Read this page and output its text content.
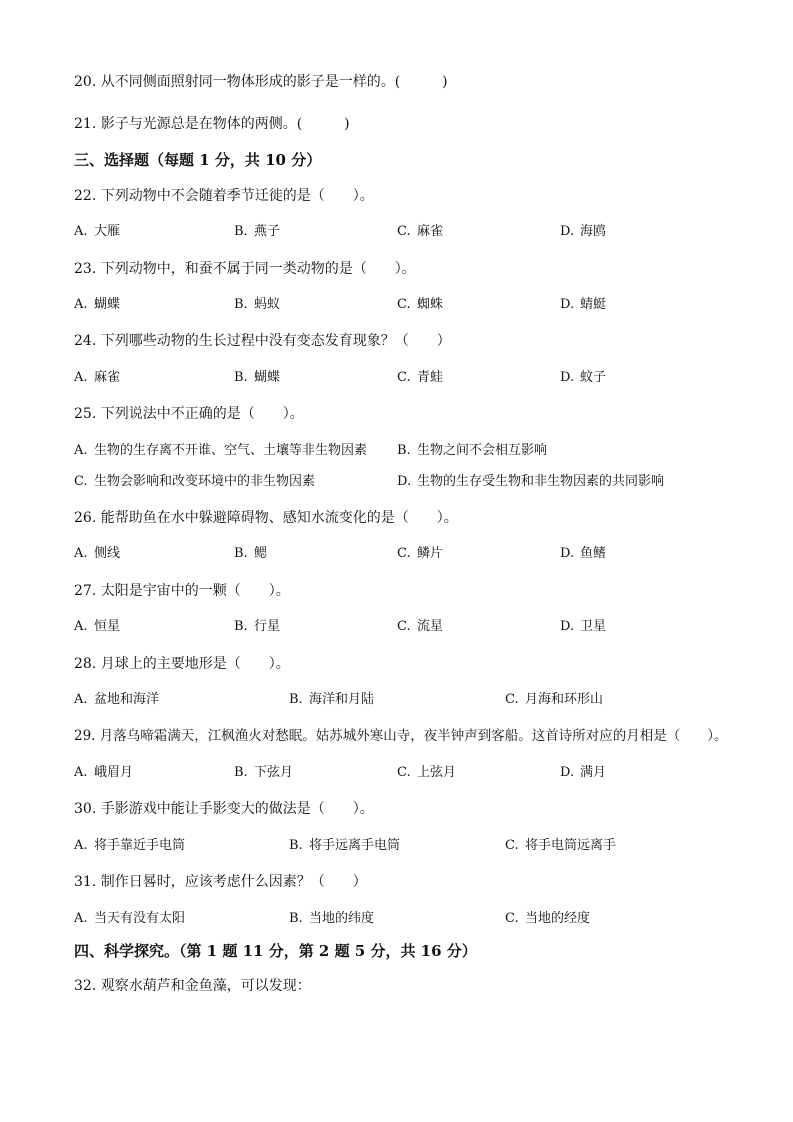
20. 从不同侧面照射同一物体形成的影子是一样的。(　　　)
21. 影子与光源总是在物体的两侧。(　　　)
三、选择题（每题 1 分，共 10 分）
22. 下列动物中不会随着季节迁徙的是（　　）。
A. 大雁	B. 燕子	C. 麻雀	D. 海鸥
23. 下列动物中，和蚕不属于同一类动物的是（　　）。
A. 蝴蝶	B. 蚂蚁	C. 蜘蛛	D. 蜻蜓
24. 下列哪些动物的生长过程中没有变态发育现象？（　　）
A. 麻雀	B. 蝴蝶	C. 青蛙	D. 蚊子
25. 下列说法中不正确的是（　　）。
A. 生物的生存离不开谁、空气、土壤等非生物因素 B. 生物之间不会相互影响
C. 生物会影响和改变环境中的非生物因素	D. 生物的生存受生物和非生物因素的共同影响
26. 能帮助鱼在水中躲避障碍物、感知水流变化的是（　　）。
A. 侧线	B. 鳃	C. 鳞片	D. 鱼鳍
27. 太阳是宇宙中的一颗（　　）。
A. 恒星	B. 行星	C. 流星	D. 卫星
28. 月球上的主要地形是（　　）。
A. 盆地和海洋	B. 海洋和月陆	C. 月海和环形山
29. 月落乌啼霜满天，江枫渔火对愁眠。姑苏城外寒山寺，夜半钟声到客船。这首诗所对应的月相是（　　）。
A. 峨眉月	B. 下弦月	C. 上弦月	D. 满月
30. 手影游戏中能让手影变大的做法是（　　）。
A. 将手靠近手电筒	B. 将手远离手电筒	C. 将手电筒远离手
31. 制作日晷时，应该考虑什么因素？（　　）
A. 当天有没有太阳	B. 当地的纬度	C. 当地的经度
四、科学探究。（第 1 题 11 分，第 2 题 5 分，共 16 分）
32. 观察水葫芦和金鱼藻，可以发现：
